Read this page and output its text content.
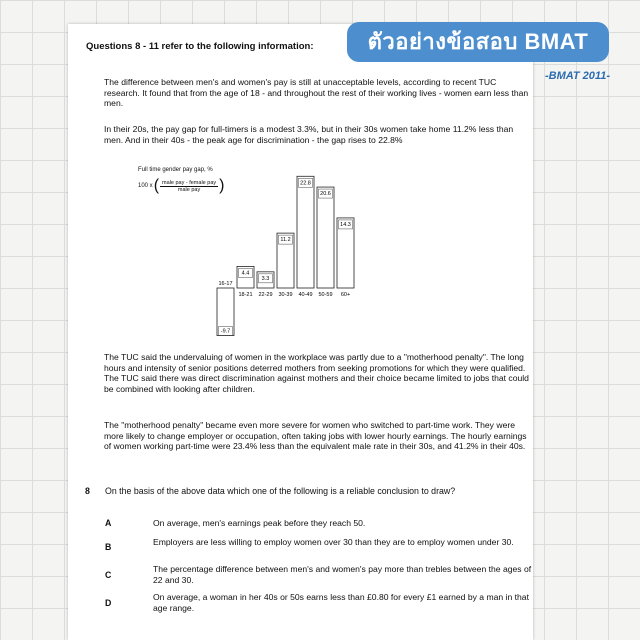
ตัวอย่างข้อสอบ BMAT
-BMAT 2011-
Questions 8 - 11 refer to the following information:

The difference between men's and women's pay is still at unacceptable levels, according to recent TUC research. It found that from the age of 18 - and throughout the rest of their working lives - women earn less than men.

In their 20s, the pay gap for full-timers is a modest 3.3%, but in their 30s women take home 11.2% less than men. And in their 40s - the peak age for discrimination - the gap rises to 22.8%

Full time gender pay gap, %
100 x ( $\frac{\text{male pay - female pay}}{\text{male pay}}$ )
-9.7
16-17
4.4
18-21
3.3
22-29
11.2
30-39
22.8
40-49
20.6
50-59
14.3
60+

The TUC said the undervaluing of women in the workplace was partly due to a "motherhood penalty". The long hours and intensity of senior positions deterred mothers from seeking promotions for which they were qualified. The TUC said there was direct discrimination against mothers and their choice became limited to jobs that could be combined with looking after children.

The "motherhood penalty" became even more severe for women who switched to part-time work. They were more likely to change employer or occupation, often taking jobs with lower hourly earnings. The hourly earnings of women working part-time were 23.4% less than the equivalent male rate in their 30s, and 41.2% in their 40s.

8 On the basis of the above data which one of the following is a reliable conclusion to draw?
A	On average, men's earnings peak before they reach 50.
B	Employers are less willing to employ women over 30 than they are to employ women under 30.
C
The percentage difference between men's and women's pay more than trebles between the ages of 22 and 30.
D
On average, a woman in her 40s or 50s earns less than £0.80 for every £1 earned by a man in that age range.
